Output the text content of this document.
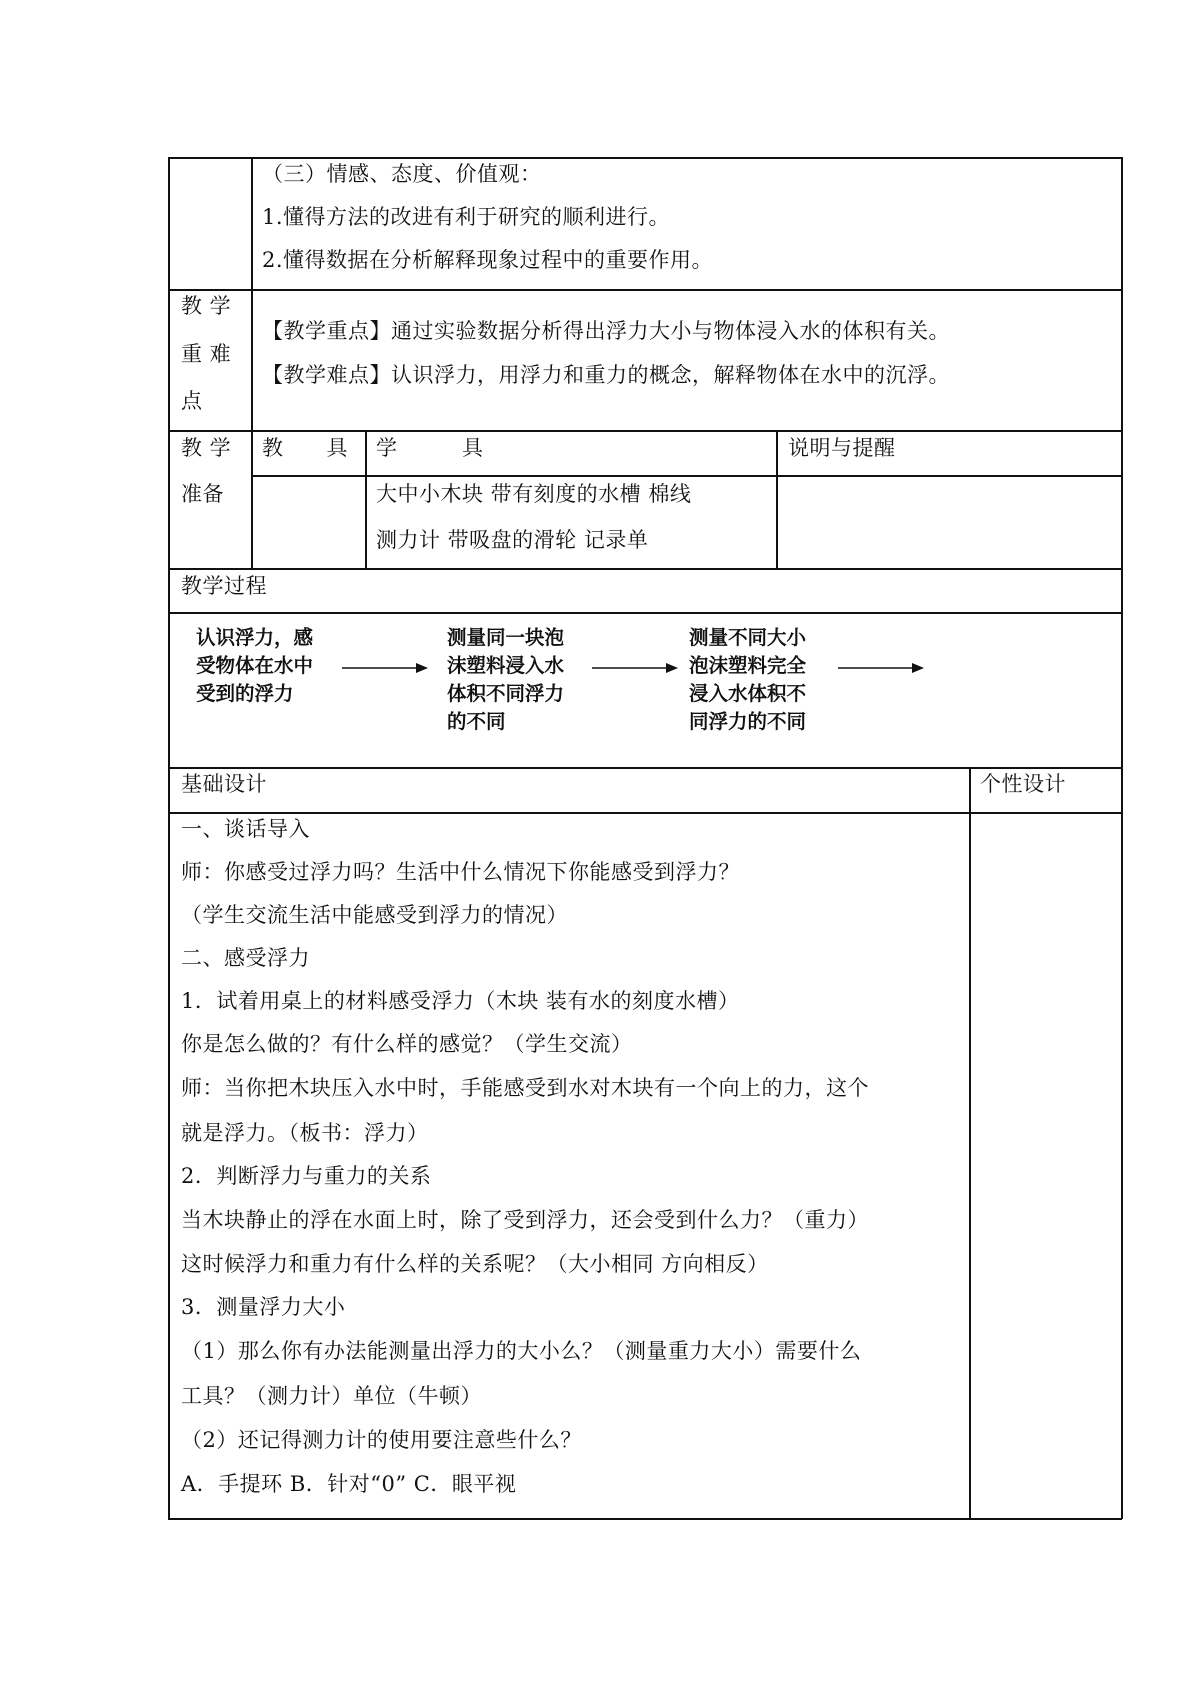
（三）情感、态度、价值观：
1.懂得方法的改进有利于研究的顺利进行。
2.懂得数据在分析解释现象过程中的重要作用。
教 学
重 难
点
【教学重点】通过实验数据分析得出浮力大小与物体浸入水的体积有关。
【教学难点】认识浮力，用浮力和重力的概念，解释物体在水中的沉浮。
教 学
准备
教　　具 学　　　具	说明与提醒
大中小木块 带有刻度的水槽 棉线
测力计 带吸盘的滑轮 记录单
教学过程
认识浮力，感
受物体在水中
受到的浮力
测量同一块泡
沫塑料浸入水
体积不同浮力
的不同
测量不同大小
泡沫塑料完全
浸入水体积不
同浮力的不同
基础设计	个性设计
一、谈话导入
师：你感受过浮力吗？生活中什么情况下你能感受到浮力？
（学生交流生活中能感受到浮力的情况）
二、感受浮力
1．试着用桌上的材料感受浮力（木块 装有水的刻度水槽）
你是怎么做的？有什么样的感觉？（学生交流）
师：当你把木块压入水中时，手能感受到水对木块有一个向上的力，这个
就是浮力。（板书：浮力）
2．判断浮力与重力的关系
当木块静止的浮在水面上时，除了受到浮力，还会受到什么力？（重力）
这时候浮力和重力有什么样的关系呢？（大小相同 方向相反）
3．测量浮力大小
（1）那么你有办法能测量出浮力的大小么？（测量重力大小）需要什么
工具？（测力计）单位（牛顿）
（2）还记得测力计的使用要注意些什么？
A．手提环 B．针对“0” C．眼平视
